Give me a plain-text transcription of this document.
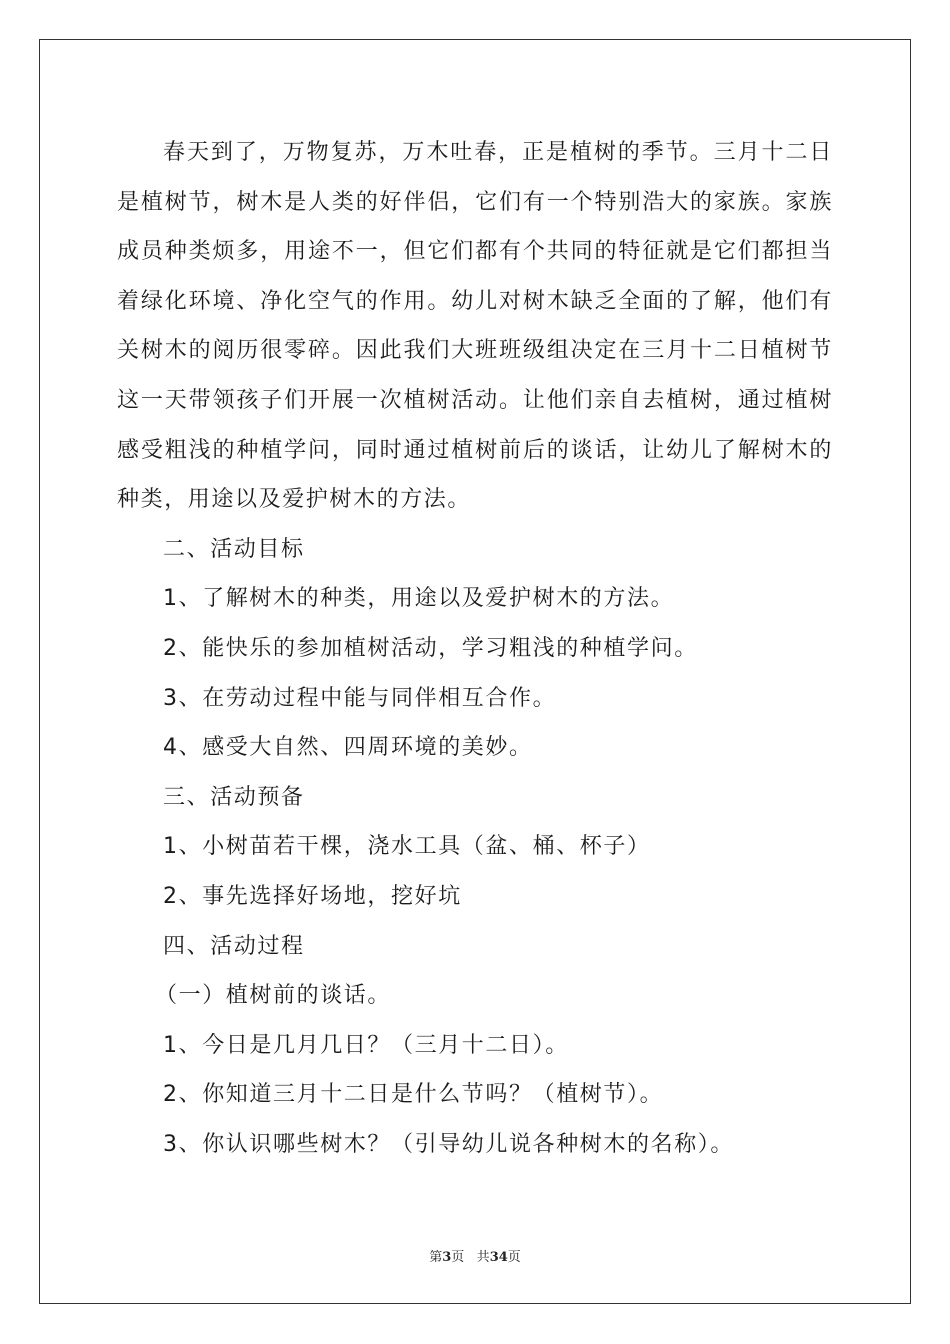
春天到了，万物复苏，万木吐春，正是植树的季节。三月十二日是植树节，树木是人类的好伴侣，它们有一个特别浩大的家族。家族成员种类烦多，用途不一，但它们都有个共同的特征就是它们都担当着绿化环境、净化空气的作用。幼儿对树木缺乏全面的了解，他们有关树木的阅历很零碎。因此我们大班班级组决定在三月十二日植树节这一天带领孩子们开展一次植树活动。让他们亲自去植树，通过植树感受粗浅的种植学问，同时通过植树前后的谈话，让幼儿了解树木的种类，用途以及爱护树木的方法。

二、活动目标
1、了解树木的种类，用途以及爱护树木的方法。
2、能快乐的参加植树活动，学习粗浅的种植学问。
3、在劳动过程中能与同伴相互合作。
4、感受大自然、四周环境的美妙。
三、活动预备
1、小树苗若干棵，浇水工具（盆、桶、杯子）
2、事先选择好场地，挖好坑
四、活动过程
（一）植树前的谈话。
1、今日是几月几日？（三月十二日）。
2、你知道三月十二日是什么节吗？（植树节）。
3、你认识哪些树木？（引导幼儿说各种树木的名称）。
第3页 共34页
